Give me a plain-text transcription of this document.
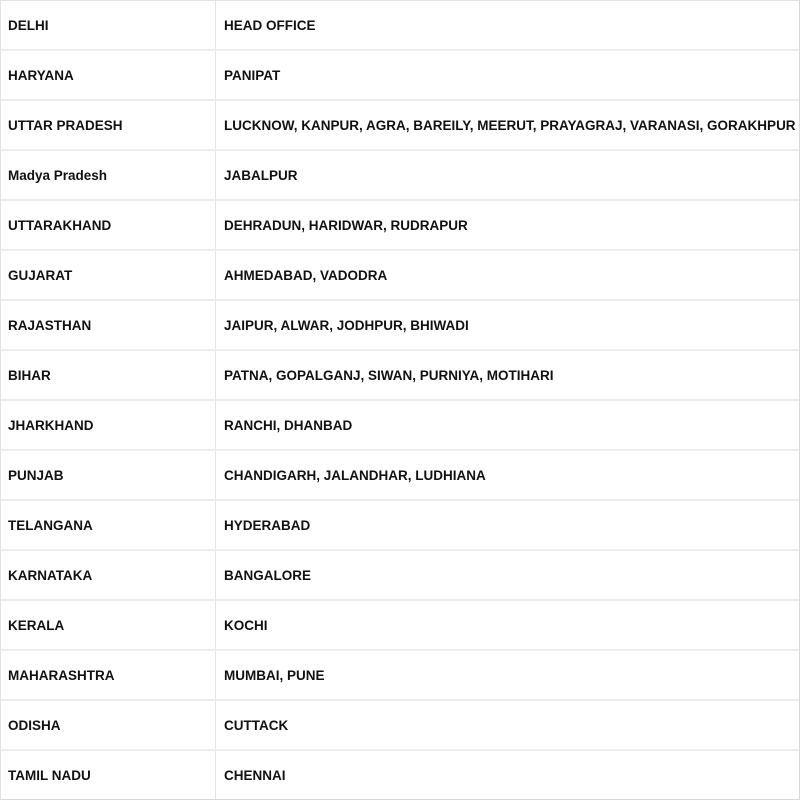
DELHI	HEAD OFFICE
HARYANA	PANIPAT
UTTAR PRADESH	LUCKNOW, KANPUR, AGRA, BAREILY, MEERUT, PRAYAGRAJ, VARANASI, GORAKHPUR
Madya Pradesh	JABALPUR
UTTARAKHAND	DEHRADUN, HARIDWAR, RUDRAPUR
GUJARAT	AHMEDABAD, VADODRA
RAJASTHAN	JAIPUR, ALWAR, JODHPUR, BHIWADI
BIHAR	PATNA, GOPALGANJ, SIWAN, PURNIYA, MOTIHARI
JHARKHAND	RANCHI, DHANBAD
PUNJAB	CHANDIGARH, JALANDHAR, LUDHIANA
TELANGANA	HYDERABAD
KARNATAKA	BANGALORE
KERALA	KOCHI
MAHARASHTRA	MUMBAI, PUNE
ODISHA	CUTTACK
TAMIL NADU	CHENNAI
